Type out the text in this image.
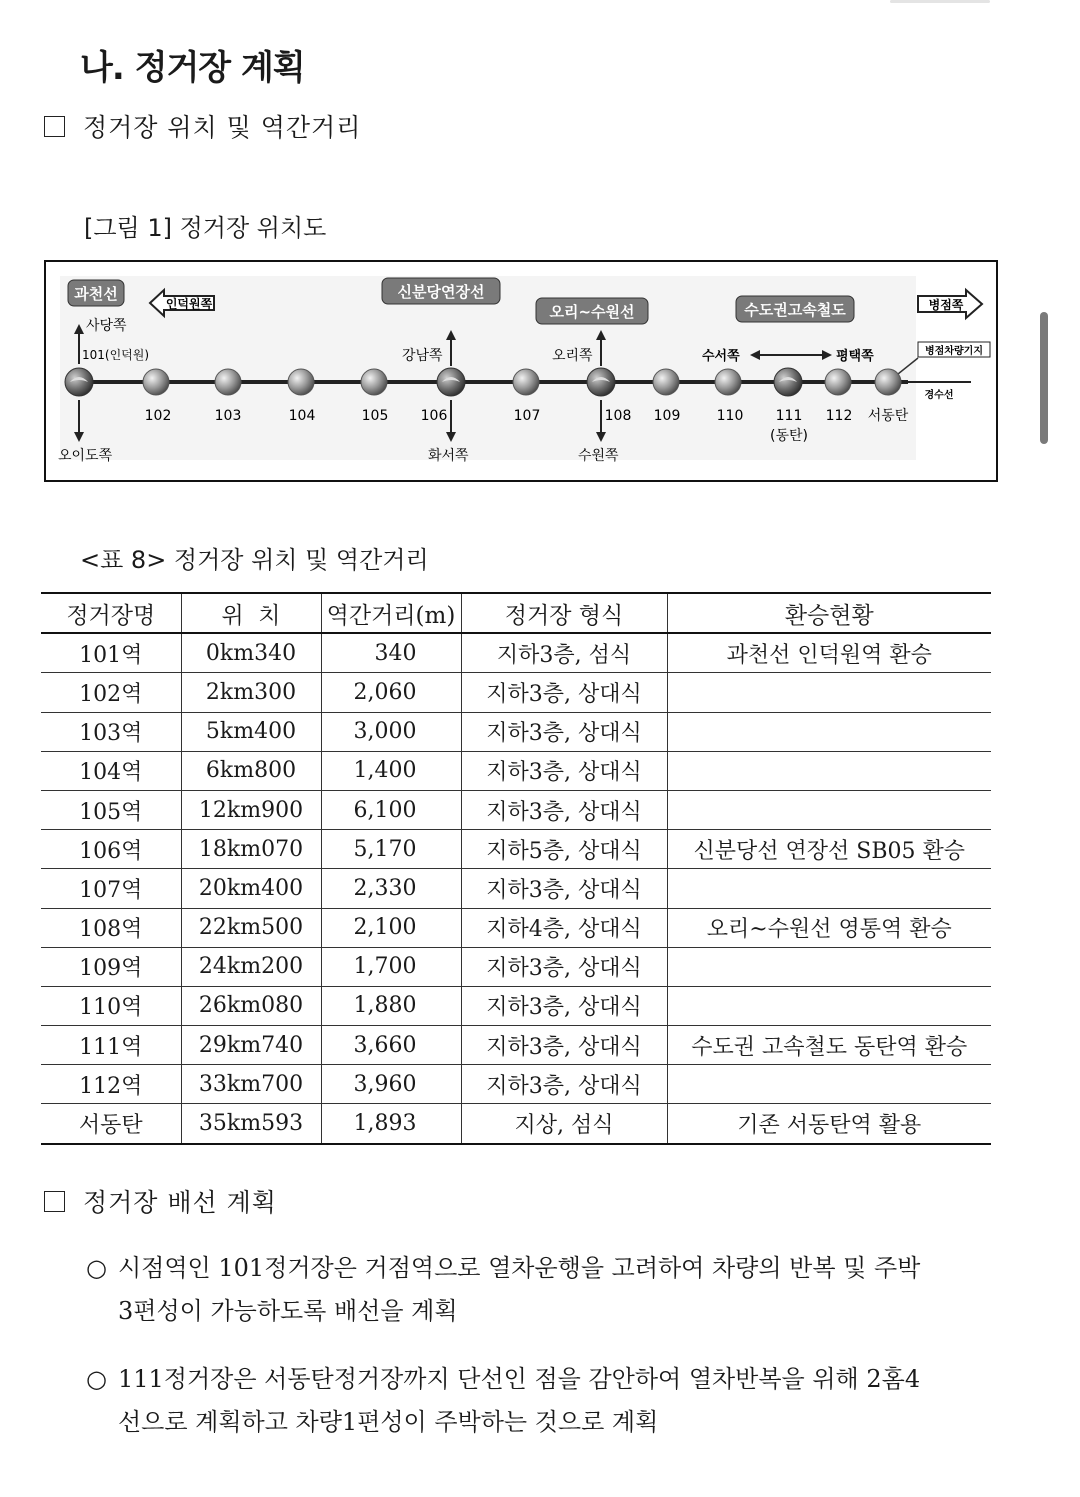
나. 정거장 계획
정거장 위치 및 역간거리
[그림 1] 정거장 위치도
과천선	신분당연장선
오리~수원선	수도권고속철도
인덕원쪽	병점쪽
병점차량기지
경수선
사당쪽
오이도쪽
강남쪽
화서쪽
오리쪽
수원쪽
수서쪽	평택쪽
101(인덕원)
102	103	104	105 106	107	108 109	110 111
(동탄)
112 서동탄
<표 8> 정거장 위치 및 역간거리
정거장명	위  치	역간거리(m)	정거장 형식	환승현황
101역	0km340	340	지하3층, 섬식	과천선 인덕원역 환승
102역	2km300	2,060	지하3층, 상대식	
103역	5km400	3,000	지하3층, 상대식	
104역	6km800	1,400	지하3층, 상대식	
105역	12km900	6,100	지하3층, 상대식	
106역	18km070	5,170	지하5층, 상대식	신분당선 연장선 SB05 환승
107역	20km400	2,330	지하3층, 상대식	
108역	22km500	2,100	지하4층, 상대식	오리~수원선 영통역 환승
109역	24km200	1,700	지하3층, 상대식	
110역	26km080	1,880	지하3층, 상대식	
111역	29km740	3,660	지하3층, 상대식	수도권 고속철도 동탄역 환승
112역	33km700	3,960	지하3층, 상대식	
서동탄	35km593	1,893	지상, 섬식	기존 서동탄역 활용
정거장 배선 계획
○ 시점역인 101정거장은 거점역으로 열차운행을 고려하여 차량의 반복 및 주박
3편성이 가능하도록 배선을 계획
○ 111정거장은 서동탄정거장까지 단선인 점을 감안하여 열차반복을 위해 2홈4
선으로 계획하고 차량1편성이 주박하는 것으로 계획
